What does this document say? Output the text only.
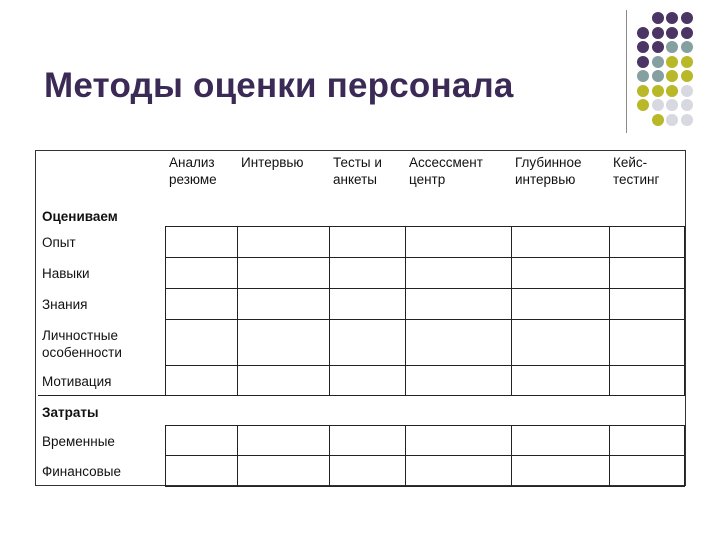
Методы оценки персонала
	Анализ резюме	Интервью	Тесты и анкеты	Ассессмент центр	Глубинное интервью	Кейс-тестинг
Оцениваем						
Опыт						
Навыки						
Знания						
Личностные особенности						
Мотивация						
Затраты						
Временные						
Финансовые						
